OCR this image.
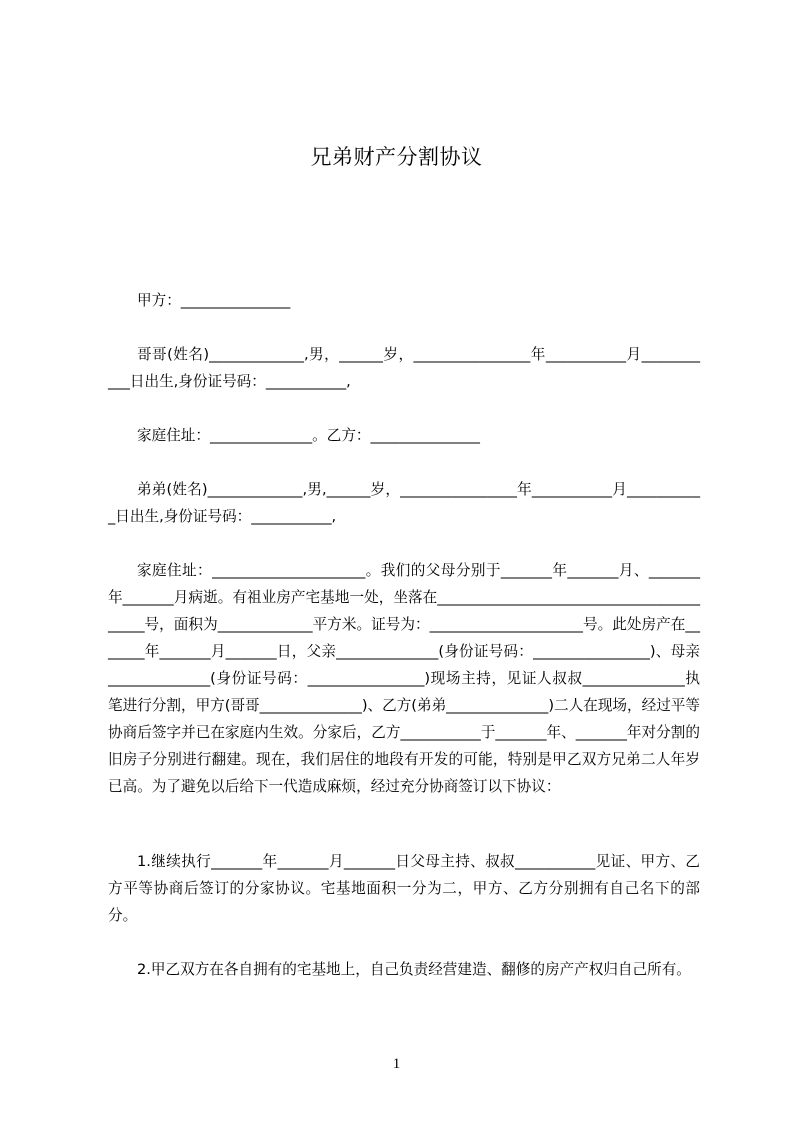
兄弟财产分割协议
甲方：_______________
哥哥(姓名)_____________,男，______岁，________________年___________月___________日出生,身份证号码：___________,
家庭住址：______________。乙方：_______________
弟弟(姓名)_____________,男,______岁，________________年___________月___________日出生,身份证号码：___________,
家庭住址：_____________________。我们的父母分别于_______年_______月、_______年_______月病逝。有祖业房产宅基地一处，坐落在_________________________________________号，面积为_____________平方米。证号为：_____________________号。此处房产在_______年_______月_______日，父亲______________(身份证号码：________________)、母亲______________(身份证号码：________________)现场主持，见证人叔叔______________执笔进行分割，甲方(哥哥______________)、乙方(弟弟______________)二人在现场，经过平等协商后签字并已在家庭内生效。分家后，乙方___________于_______年、_______年对分割的旧房子分别进行翻建。现在，我们居住的地段有开发的可能，特别是甲乙双方兄弟二人年岁已高。为了避免以后给下一代造成麻烦，经过充分协商签订以下协议：
1.继续执行_______年_______月_______日父母主持、叔叔___________见证、甲方、乙方平等协商后签订的分家协议。宅基地面积一分为二，甲方、乙方分别拥有自己名下的部分。
2.甲乙双方在各自拥有的宅基地上，自己负责经营建造、翻修的房产产权归自己所有。
1
